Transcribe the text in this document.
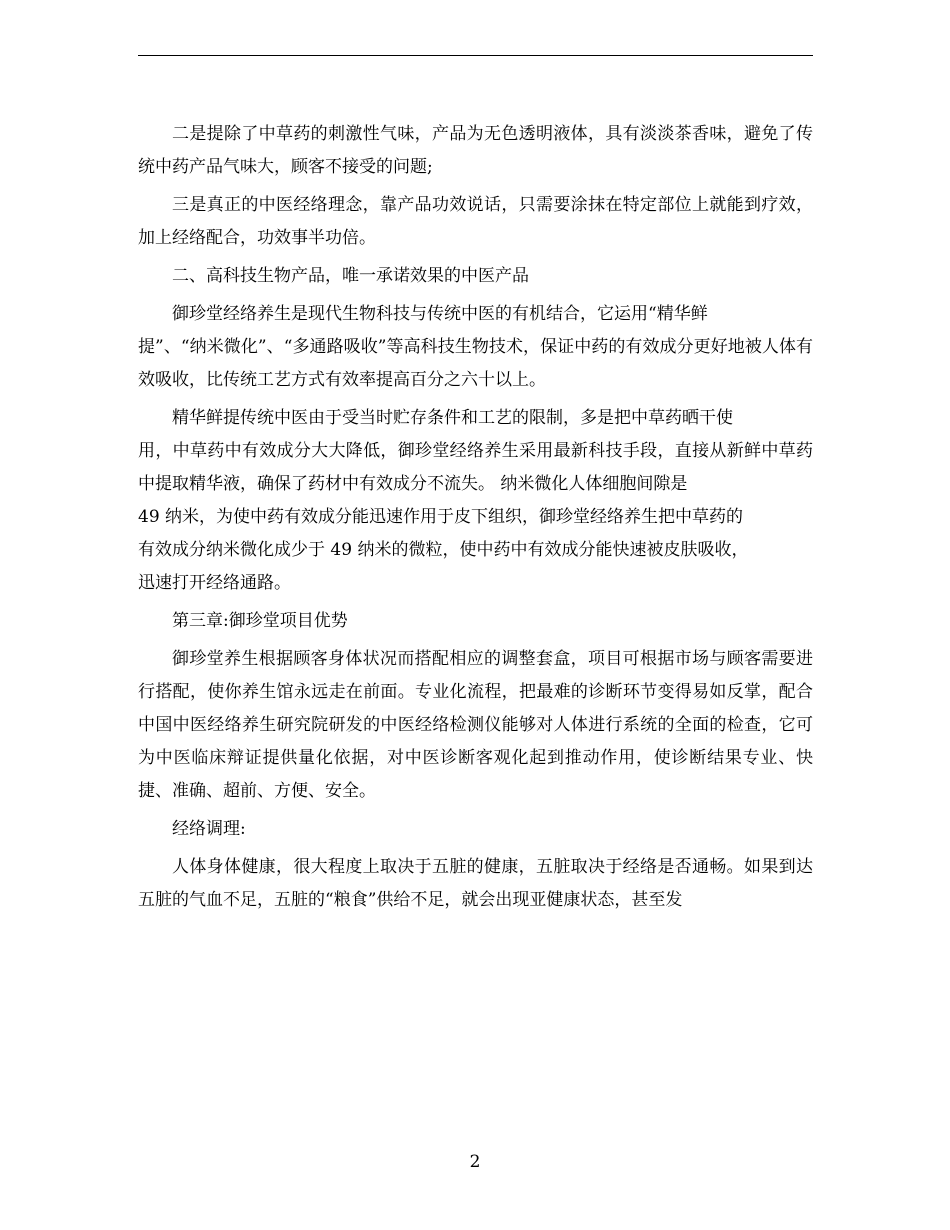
二是提除了中草药的刺激性气味，产品为无色透明液体，具有淡淡茶香味，避免了传统中药产品气味大，顾客不接受的问题;

三是真正的中医经络理念，靠产品功效说话，只需要涂抹在特定部位上就能到疗效，加上经络配合，功效事半功倍。

二、高科技生物产品，唯一承诺效果的中医产品

御珍堂经络养生是现代生物科技与传统中医的有机结合，它运用“精华鲜
提”、“纳米微化”、“多通路吸收”等高科技生物技术，保证中药的有效成分更好地被人体有效吸收，比传统工艺方式有效率提高百分之六十以上。

精华鲜提传统中医由于受当时贮存条件和工艺的限制，多是把中草药晒干使
用，中草药中有效成分大大降低，御珍堂经络养生采用最新科技手段，直接从新鲜中草药中提取精华液，确保了药材中有效成分不流失。 纳米微化人体细胞间隙是
49 纳米，为使中药有效成分能迅速作用于皮下组织，御珍堂经络养生把中草药的
有效成分纳米微化成少于 49 纳米的微粒，使中药中有效成分能快速被皮肤吸收，
迅速打开经络通路。

第三章:御珍堂项目优势

御珍堂养生根据顾客身体状况而搭配相应的调整套盒，项目可根据市场与顾客需要进行搭配，使你养生馆永远走在前面。专业化流程，把最难的诊断环节变得易如反掌，配合中国中医经络养生研究院研发的中医经络检测仪能够对人体进行系统的全面的检查，它可为中医临床辩证提供量化依据，对中医诊断客观化起到推动作用，使诊断结果专业、快捷、准确、超前、方便、安全。

经络调理:

人体身体健康，很大程度上取决于五脏的健康，五脏取决于经络是否通畅。如果到达五脏的气血不足，五脏的“粮食”供给不足，就会出现亚健康状态，甚至发

2
